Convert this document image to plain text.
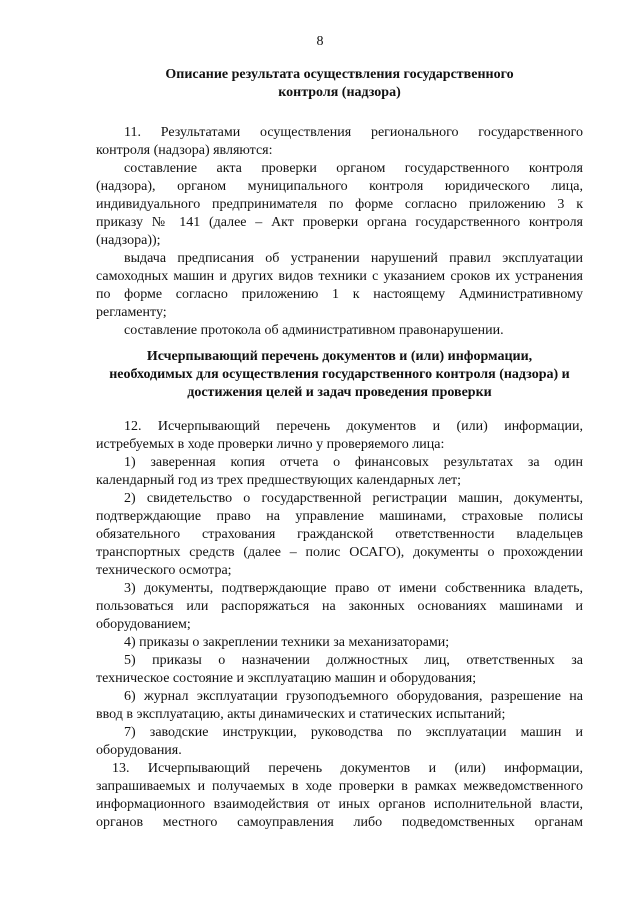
8
Описание результата осуществления государственного
контроля (надзора)
11. Результатами осуществления регионального государственного
контроля (надзора) являются:
составление акта проверки органом государственного контроля
(надзора), органом муниципального контроля юридического лица,
индивидуального предпринимателя по форме согласно приложению 3 к
приказу № 141 (далее – Акт проверки органа государственного контроля
(надзора));
выдача предписания об устранении нарушений правил эксплуатации
самоходных машин и других видов техники с указанием сроков их устранения
по форме согласно приложению 1 к настоящему Административному
регламенту;
составление протокола об административном правонарушении.
Исчерпывающий перечень документов и (или) информации,
необходимых для осуществления государственного контроля (надзора) и
достижения целей и задач проведения проверки
12. Исчерпывающий перечень документов и (или) информации,
истребуемых в ходе проверки лично у проверяемого лица:
1) заверенная копия отчета о финансовых результатах за один
календарный год из трех предшествующих календарных лет;
2) свидетельство о государственной регистрации машин, документы,
подтверждающие право на управление машинами, страховые полисы
обязательного страхования гражданской ответственности владельцев
транспортных средств (далее – полис ОСАГО), документы о прохождении
технического осмотра;
3) документы, подтверждающие право от имени собственника владеть,
пользоваться или распоряжаться на законных основаниях машинами и
оборудованием;
4) приказы о закреплении техники за механизаторами;
5) приказы о назначении должностных лиц, ответственных за
техническое состояние и эксплуатацию машин и оборудования;
6) журнал эксплуатации грузоподъемного оборудования, разрешение на
ввод в эксплуатацию, акты динамических и статических испытаний;
7) заводские инструкции, руководства по эксплуатации машин и
оборудования.
13. Исчерпывающий перечень документов и (или) информации,
запрашиваемых и получаемых в ходе проверки в рамках межведомственного
информационного взаимодействия от иных органов исполнительной власти,
органов местного самоуправления либо подведомственных органам
